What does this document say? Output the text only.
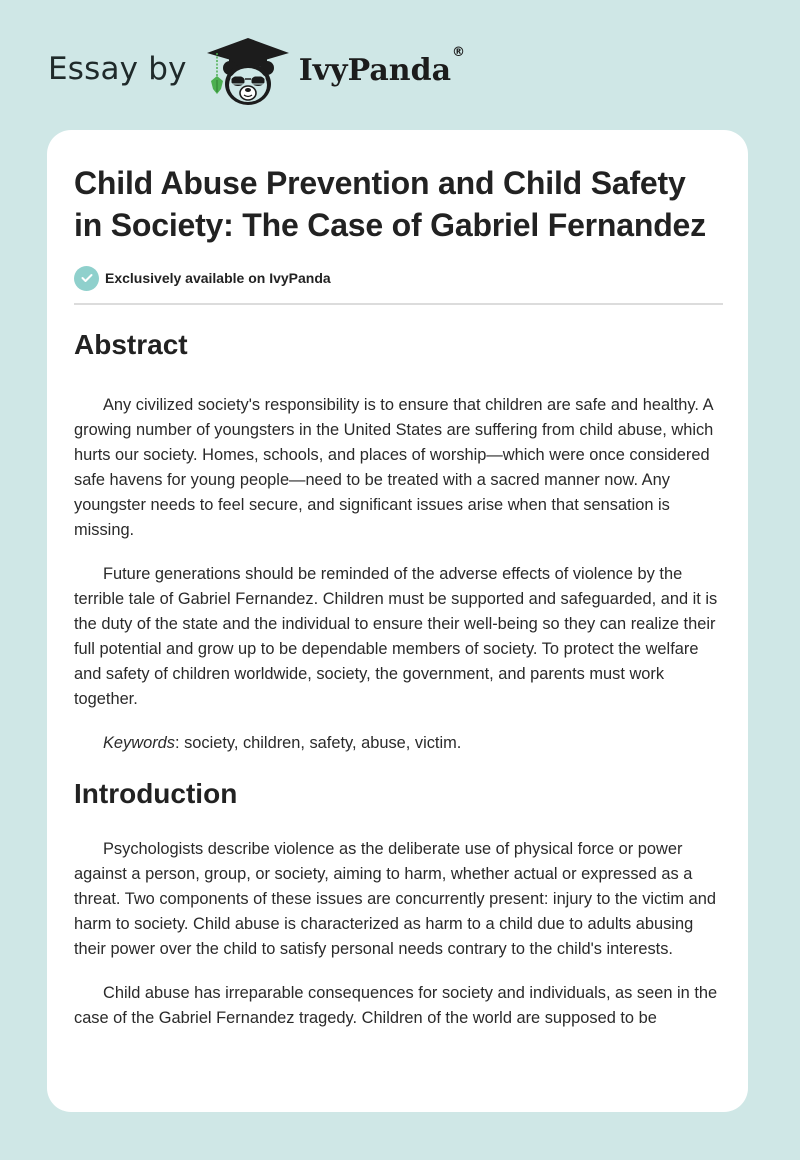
Essay by	IvyPanda®
Child Abuse Prevention and Child Safety in Society: The Case of Gabriel Fernandez
Exclusively available on IvyPanda
Abstract

Any civilized society's responsibility is to ensure that children are safe and healthy. A growing number of youngsters in the United States are suffering from child abuse, which hurts our society. Homes, schools, and places of worship—which were once considered safe havens for young people—need to be treated with a sacred manner now. Any youngster needs to feel secure, and significant issues arise when that sensation is missing.

Future generations should be reminded of the adverse effects of violence by the terrible tale of Gabriel Fernandez. Children must be supported and safeguarded, and it is the duty of the state and the individual to ensure their well-being so they can realize their full potential and grow up to be dependable members of society. To protect the welfare and safety of children worldwide, society, the government, and parents must work together.

Keywords: society, children, safety, abuse, victim.

Introduction

Psychologists describe violence as the deliberate use of physical force or power against a person, group, or society, aiming to harm, whether actual or expressed as a threat. Two components of these issues are concurrently present: injury to the victim and harm to society. Child abuse is characterized as harm to a child due to adults abusing their power over the child to satisfy personal needs contrary to the child's interests.

Child abuse has irreparable consequences for society and individuals, as seen in the case of the Gabriel Fernandez tragedy. Children of the world are supposed to be
